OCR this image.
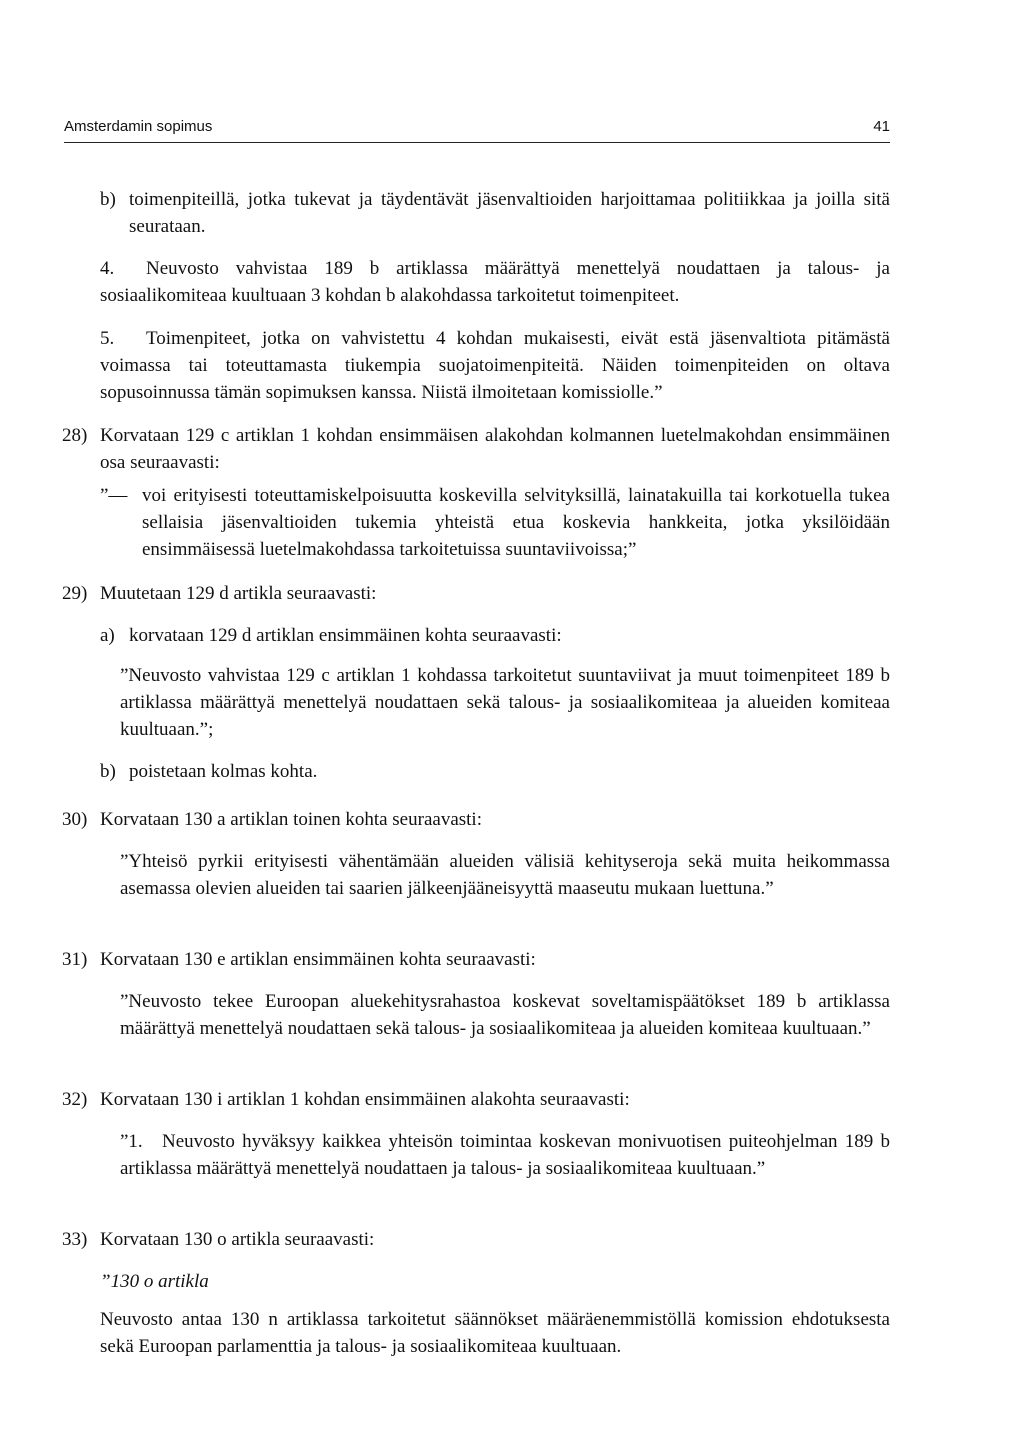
Amsterdamin sopimus	41
b) toimenpiteillä, jotka tukevat ja täydentävät jäsenvaltioiden harjoittamaa politiikkaa ja joilla sitä seurataan.

4. Neuvosto vahvistaa 189 b artiklassa määrättyä menettelyä noudattaen ja talous- ja sosiaalikomiteaa kuultuaan 3 kohdan b alakohdassa tarkoitetut toimenpiteet.

5. Toimenpiteet, jotka on vahvistettu 4 kohdan mukaisesti, eivät estä jäsenvaltiota pitämästä voimassa tai toteuttamasta tiukempia suojatoimenpiteitä. Näiden toimenpiteiden on oltava sopusoinnussa tämän sopimuksen kanssa. Niistä ilmoitetaan komissiolle.”

28) Korvataan 129 c artiklan 1 kohdan ensimmäisen alakohdan kolmannen luetelmakohdan ensimmäinen osa seuraavasti:

”— voi erityisesti toteuttamiskelpoisuutta koskevilla selvityksillä, lainatakuilla tai korkotuella tukea sellaisia jäsenvaltioiden tukemia yhteistä etua koskevia hankkeita, jotka yksilöidään ensimmäisessä luetelmakohdassa tarkoitetuissa suuntaviivoissa;”

29) Muutetaan 129 d artikla seuraavasti:

a) korvataan 129 d artiklan ensimmäinen kohta seuraavasti:

”Neuvosto vahvistaa 129 c artiklan 1 kohdassa tarkoitetut suuntaviivat ja muut toimenpiteet 189 b artiklassa määrättyä menettelyä noudattaen sekä talous- ja sosiaalikomiteaa ja alueiden komiteaa kuultuaan.”;

b) poistetaan kolmas kohta.

30) Korvataan 130 a artiklan toinen kohta seuraavasti:

”Yhteisö pyrkii erityisesti vähentämään alueiden välisiä kehityseroja sekä muita heikommassa asemassa olevien alueiden tai saarien jälkeenjääneisyyttä maaseutu mukaan luettuna.”

31) Korvataan 130 e artiklan ensimmäinen kohta seuraavasti:

”Neuvosto tekee Euroopan aluekehitysrahastoa koskevat soveltamispäätökset 189 b artiklassa määrättyä menettelyä noudattaen sekä talous- ja sosiaalikomiteaa ja alueiden komiteaa kuultuaan.”

32) Korvataan 130 i artiklan 1 kohdan ensimmäinen alakohta seuraavasti:

”1. Neuvosto hyväksyy kaikkea yhteisön toimintaa koskevan monivuotisen puiteohjelman 189 b artiklassa määrättyä menettelyä noudattaen ja talous- ja sosiaalikomiteaa kuultuaan.”

33) Korvataan 130 o artikla seuraavasti:

”130 o artikla

Neuvosto antaa 130 n artiklassa tarkoitetut säännökset määräenemmistöllä komission ehdotuksesta sekä Euroopan parlamenttia ja talous- ja sosiaalikomiteaa kuultuaan.
